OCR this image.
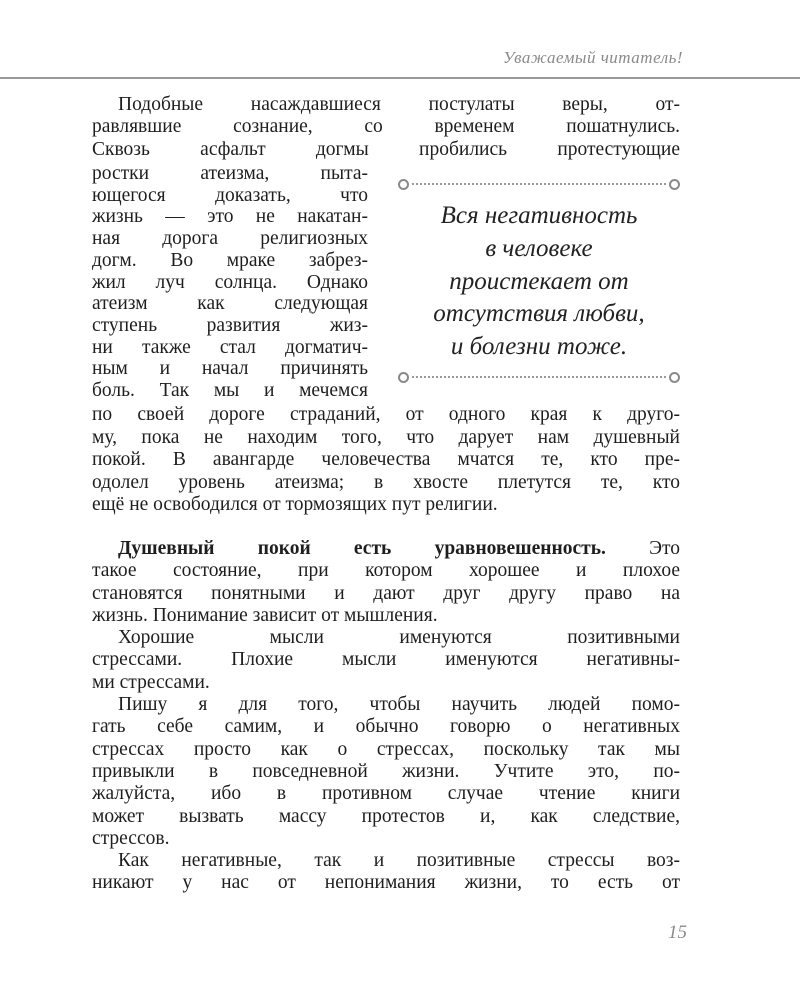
Уважаемый читатель!
Подобные насаждавшиеся постулаты веры, от-
равлявшие сознание, со временем пошатнулись.
Сквозь асфальт догмы пробились протестующие
ростки атеизма, пыта-
ющегося доказать, что
жизнь — это не накатан-
ная дорога религиозных
догм. Во мраке забрез-
жил луч солнца. Однако
атеизм как следующая
ступень развития жиз-
ни также стал догматич-
ным и начал причинять
боль. Так мы и мечемся
Вся негативность
в человеке
проистекает от
отсутствия любви,
и болезни тоже.
по своей дороге страданий, от одного края к друго-
му, пока не находим того, что дарует нам душевный
покой. В авангарде человечества мчатся те, кто пре-
одолел уровень атеизма; в хвосте плетутся те, кто
ещё не освободился от тормозящих пут религии.
Душевный покой есть уравновешенность. Это
такое состояние, при котором хорошее и плохое
становятся понятными и дают друг другу право на
жизнь. Понимание зависит от мышления.
Хорошие мысли именуются позитивными
стрессами. Плохие мысли именуются негативны-
ми стрессами.
Пишу я для того, чтобы научить людей помо-
гать себе самим, и обычно говорю о негативных
стрессах просто как о стрессах, поскольку так мы
привыкли в повседневной жизни. Учтите это, по-
жалуйста, ибо в противном случае чтение книги
может вызвать массу протестов и, как следствие,
стрессов.
Как негативные, так и позитивные стрессы воз-
никают у нас от непонимания жизни, то есть от
15
